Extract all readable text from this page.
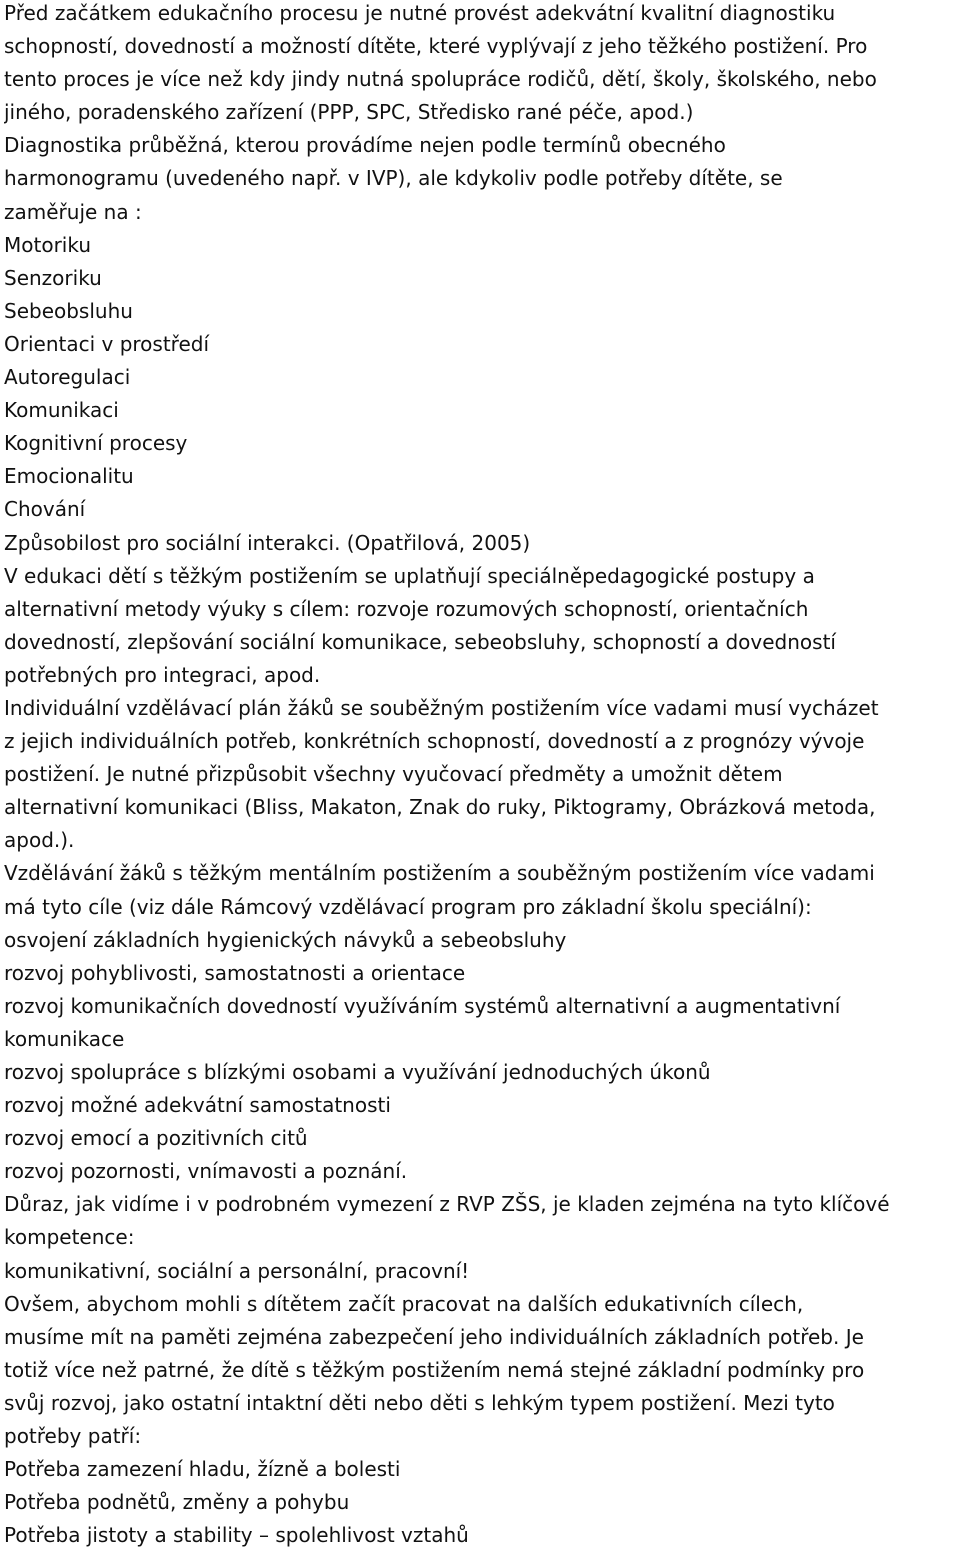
Před začátkem edukačního procesu je nutné provést adekvátní kvalitní diagnostiku
schopností, dovedností a možností dítěte, které vyplývají z jeho těžkého postižení. Pro
tento proces je více než kdy jindy nutná spolupráce rodičů, dětí, školy, školského, nebo
jiného, poradenského zařízení (PPP, SPC, Středisko rané péče, apod.)
Diagnostika průběžná, kterou provádíme nejen podle termínů obecného
harmonogramu (uvedeného např. v IVP), ale kdykoliv podle potřeby dítěte, se
zaměřuje na :
Motoriku
Senzoriku
Sebeobsluhu
Orientaci v prostředí
Autoregulaci
Komunikaci
Kognitivní procesy
Emocionalitu
Chování
Způsobilost pro sociální interakci. (Opatřilová, 2005)
V edukaci dětí s těžkým postižením se uplatňují speciálněpedagogické postupy a
alternativní metody výuky s cílem: rozvoje rozumových schopností, orientačních
dovedností, zlepšování sociální komunikace, sebeobsluhy, schopností a dovedností
potřebných pro integraci, apod.
Individuální vzdělávací plán žáků se souběžným postižením více vadami musí vycházet
z jejich individuálních potřeb, konkrétních schopností, dovedností a z prognózy vývoje
postižení. Je nutné přizpůsobit všechny vyučovací předměty a umožnit dětem
alternativní komunikaci (Bliss, Makaton, Znak do ruky, Piktogramy, Obrázková metoda,
apod.).
Vzdělávání žáků s těžkým mentálním postižením a souběžným postižením více vadami
má tyto cíle (viz dále Rámcový vzdělávací program pro základní školu speciální):
osvojení základních hygienických návyků a sebeobsluhy
rozvoj pohyblivosti, samostatnosti a orientace
rozvoj komunikačních dovedností využíváním systémů alternativní a augmentativní
komunikace
rozvoj spolupráce s blízkými osobami a využívání jednoduchých úkonů
rozvoj možné adekvátní samostatnosti
rozvoj emocí a pozitivních citů
rozvoj pozornosti, vnímavosti a poznání.
Důraz, jak vidíme i v podrobném vymezení z RVP ZŠS, je kladen zejména na tyto klíčové
kompetence:
komunikativní, sociální a personální, pracovní!
Ovšem, abychom mohli s dítětem začít pracovat na dalších edukativních cílech,
musíme mít na paměti zejména zabezpečení jeho individuálních základních potřeb. Je
totiž více než patrné, že dítě s těžkým postižením nemá stejné základní podmínky pro
svůj rozvoj, jako ostatní intaktní děti nebo děti s lehkým typem postižení. Mezi tyto
potřeby patří:
Potřeba zamezení hladu, žízně a bolesti
Potřeba podnětů, změny a pohybu
Potřeba jistoty a stability – spolehlivost vztahů
